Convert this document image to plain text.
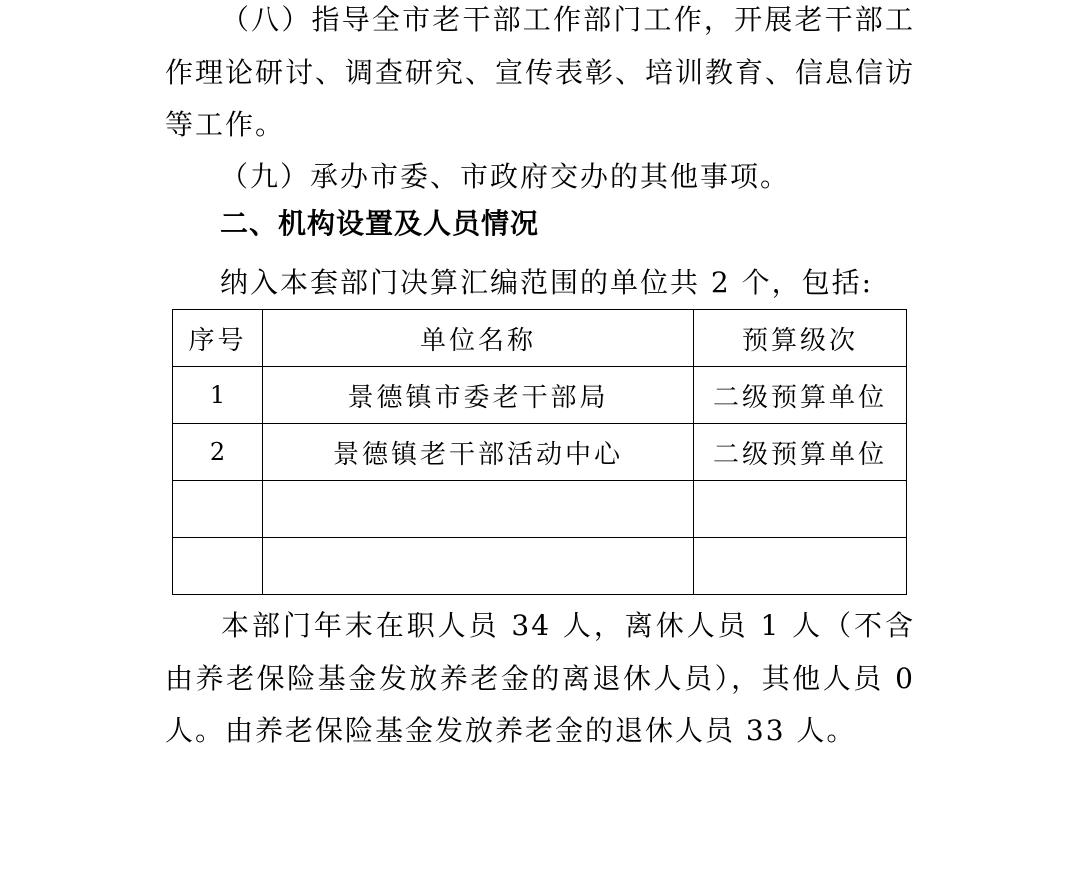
（八）指导全市老干部工作部门工作，开展老干部工作理论研讨、调查研究、宣传表彰、培训教育、信息信访等工作。

（九）承办市委、市政府交办的其他事项。

二、机构设置及人员情况

纳入本套部门决算汇编范围的单位共 2 个，包括:

序号	单位名称	预算级次
1	景德镇市委老干部局	二级预算单位
2	景德镇老干部活动中心	二级预算单位

本部门年末在职人员 34 人，离休人员 1 人（不含由养老保险基金发放养老金的离退休人员），其他人员 0 人。由养老保险基金发放养老金的退休人员 33 人。
